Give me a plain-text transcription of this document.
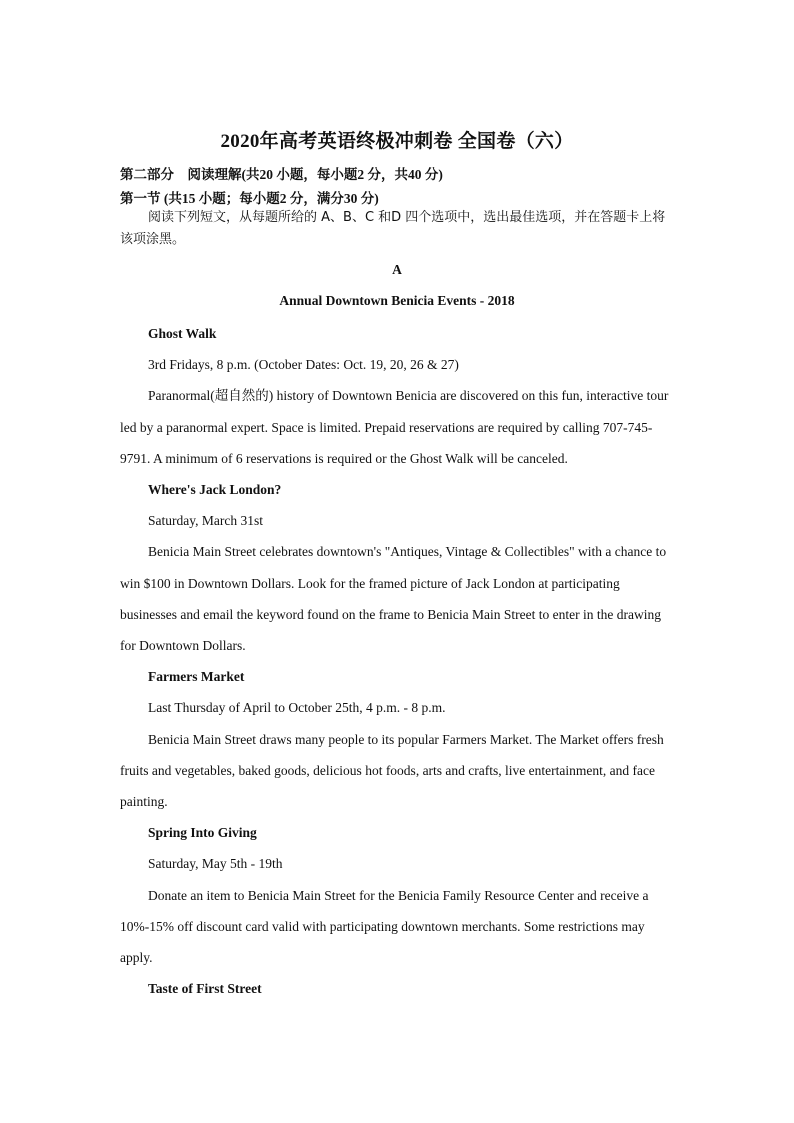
2020年高考英语终极冲刺卷 全国卷（六）
第二部分　阅读理解(共20 小题，每小题2 分，共40 分)
第一节 (共15 小题；每小题2 分，满分30 分)
阅读下列短文，从每题所给的 A、B、C 和D 四个选项中，选出最佳选项，并在答题卡上将该项涂黑。
A
Annual Downtown Benicia Events - 2018

Ghost Walk

3rd Fridays, 8 p.m. (October Dates: Oct. 19, 20, 26 & 27)

Paranormal(超自然的) history of Downtown Benicia are discovered on this fun, interactive tour led by a paranormal expert. Space is limited. Prepaid reservations are required by calling 707-745-9791. A minimum of 6 reservations is required or the Ghost Walk will be canceled.

Where's Jack London?

Saturday, March 31st

Benicia Main Street celebrates downtown's "Antiques, Vintage & Collectibles" with a chance to win $100 in Downtown Dollars. Look for the framed picture of Jack London at participating businesses and email the keyword found on the frame to Benicia Main Street to enter in the drawing for Downtown Dollars.

Farmers Market

Last Thursday of April to October 25th, 4 p.m. - 8 p.m.

Benicia Main Street draws many people to its popular Farmers Market. The Market offers fresh fruits and vegetables, baked goods, delicious hot foods, arts and crafts, live entertainment, and face painting.

Spring Into Giving

Saturday, May 5th - 19th

Donate an item to Benicia Main Street for the Benicia Family Resource Center and receive a 10%-15% off discount card valid with participating downtown merchants. Some restrictions may apply.

Taste of First Street
